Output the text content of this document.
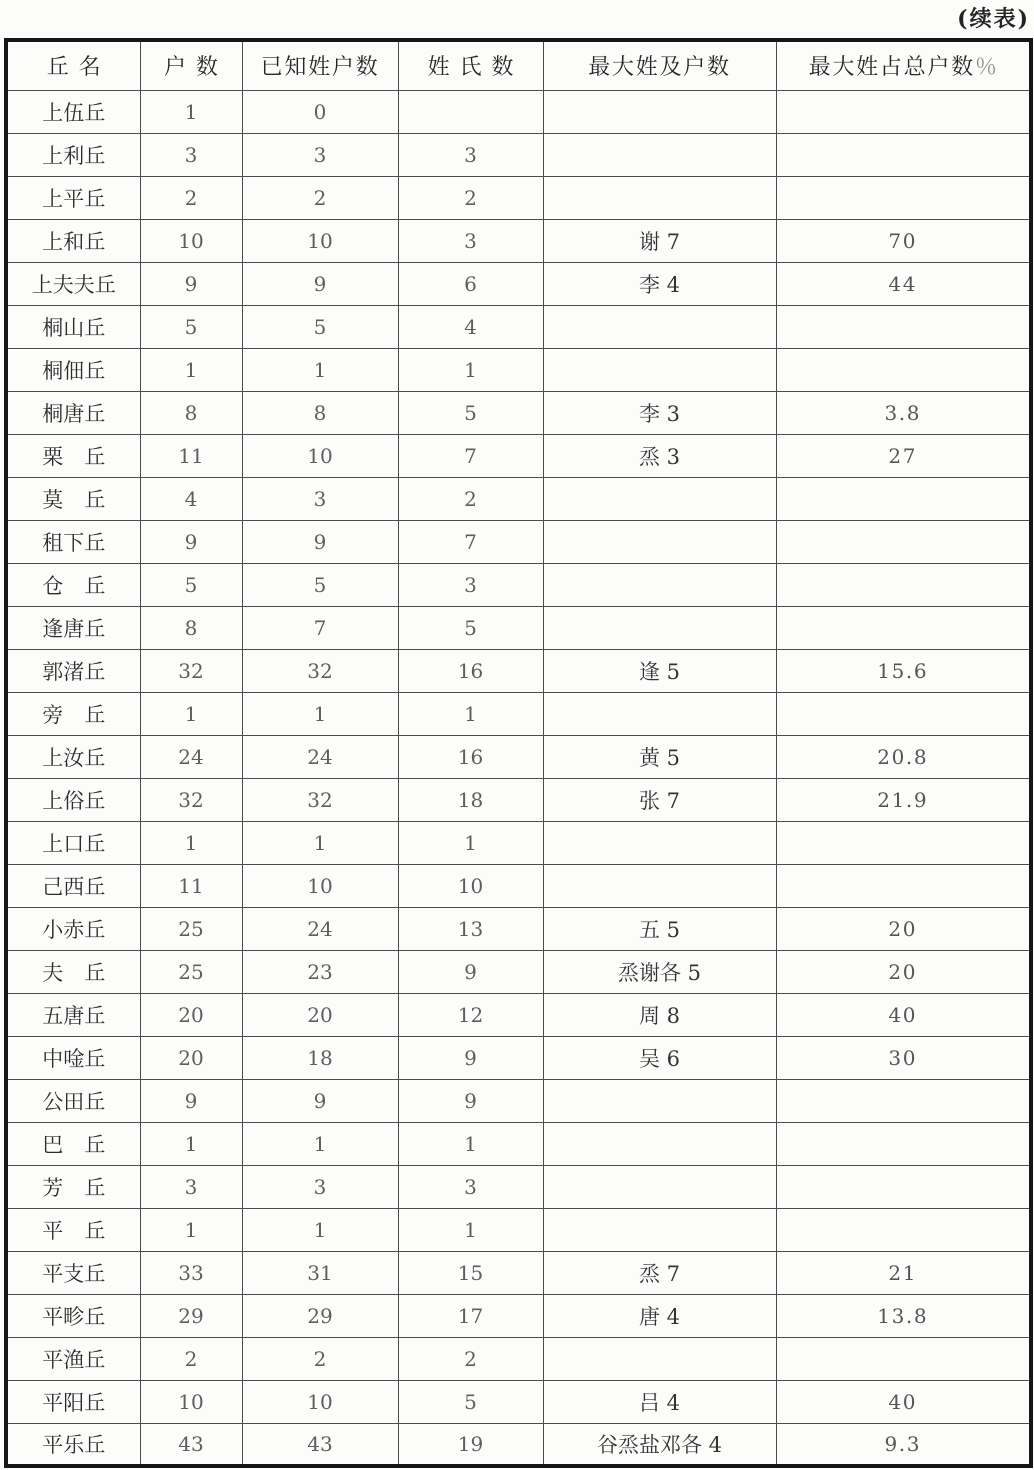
(续表)
丘名	户数	已知姓户数	姓氏数	最大姓及户数	最大姓占总户数％
上伍丘	1	0			
上利丘	3	3	3		
上平丘	2	2	2		
上和丘	10	10	3	谢 7	70
上夫夫丘	9	9	6	李 4	44
桐山丘	5	5	4		
桐佃丘	1	1	1		
桐唐丘	8	8	5	李 3	3.8
栗　丘	11	10	7	烝 3	27
莫　丘	4	3	2		
租下丘	9	9	7		
仓　丘	5	5	3		
逢唐丘	8	7	5		
郭渚丘	32	32	16	逢 5	15.6
旁　丘	1	1	1		
上汝丘	24	24	16	黄 5	20.8
上俗丘	32	32	18	张 7	21.9
上口丘	1	1	1		
己西丘	11	10	10		
小赤丘	25	24	13	五 5	20
夫　丘	25	23	9	烝谢各 5	20
五唐丘	20	20	12	周 8	40
中唫丘	20	18	9	吴 6	30
公田丘	9	9	9		
巴　丘	1	1	1		
芳　丘	3	3	3		
平　丘	1	1	1		
平支丘	33	31	15	烝 7	21
平畛丘	29	29	17	唐 4	13.8
平渔丘	2	2	2		
平阳丘	10	10	5	吕 4	40
平乐丘	43	43	19	谷烝盐邓各 4	9.3
